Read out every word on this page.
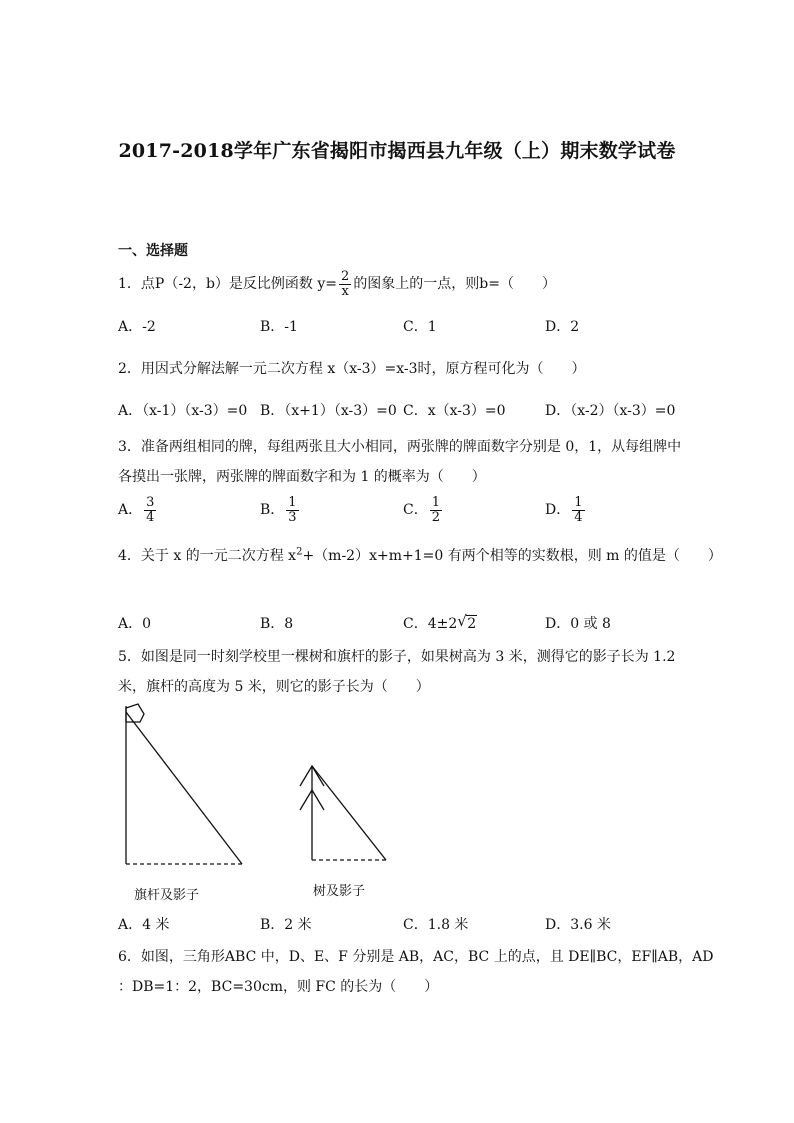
2017-2018学年广东省揭阳市揭西县九年级（上）期末数学试卷
一、选择题
1．点P（-2，b）是反比例函数 $y= \frac{2}{x}$ 的图象上的一点，则b=（　　）
A．-2	B．-1	C．1	D．2
2．用因式分解法解一元二次方程 x（x-3）=x-3时，原方程可化为（　　）
A．（x-1）（x-3）=0 B．（x+1）（x-3）=0 C．x（x-3）=0	D．（x-2）（x-3）=0
3．准备两组相同的牌，每组两张且大小相同，两张牌的牌面数字分别是 0，1，从每组牌中
各摸出一张牌，两张牌的牌面数字和为 1 的概率为（　　）
A． $\frac{3}{4}$	B． $\frac{1}{3}$	C． $\frac{1}{2}$	D． $\frac{1}{4}$
4．关于 x 的一元二次方程 $x^2+(m-2)x+m+1=0$ 有两个相等的实数根，则 m 的值是（　　）
A．0	B．8	C．4±2 √ 2	D．0 或 8
5．如图是同一时刻学校里一棵树和旗杆的影子，如果树高为 3 米，测得它的影子长为 1.2
米，旗杆的高度为 5 米，则它的影子长为（　　）
旗杆及影子	树及影子
A．4 米	B．2 米	C．1.8 米	D．3.6 米
6．如图，三角形ABC 中，D、E、F 分别是 AB，AC，BC 上的点，且 DE∥BC，EF∥AB，AD
：DB=1：2，BC=30cm，则 FC 的长为（　　）
